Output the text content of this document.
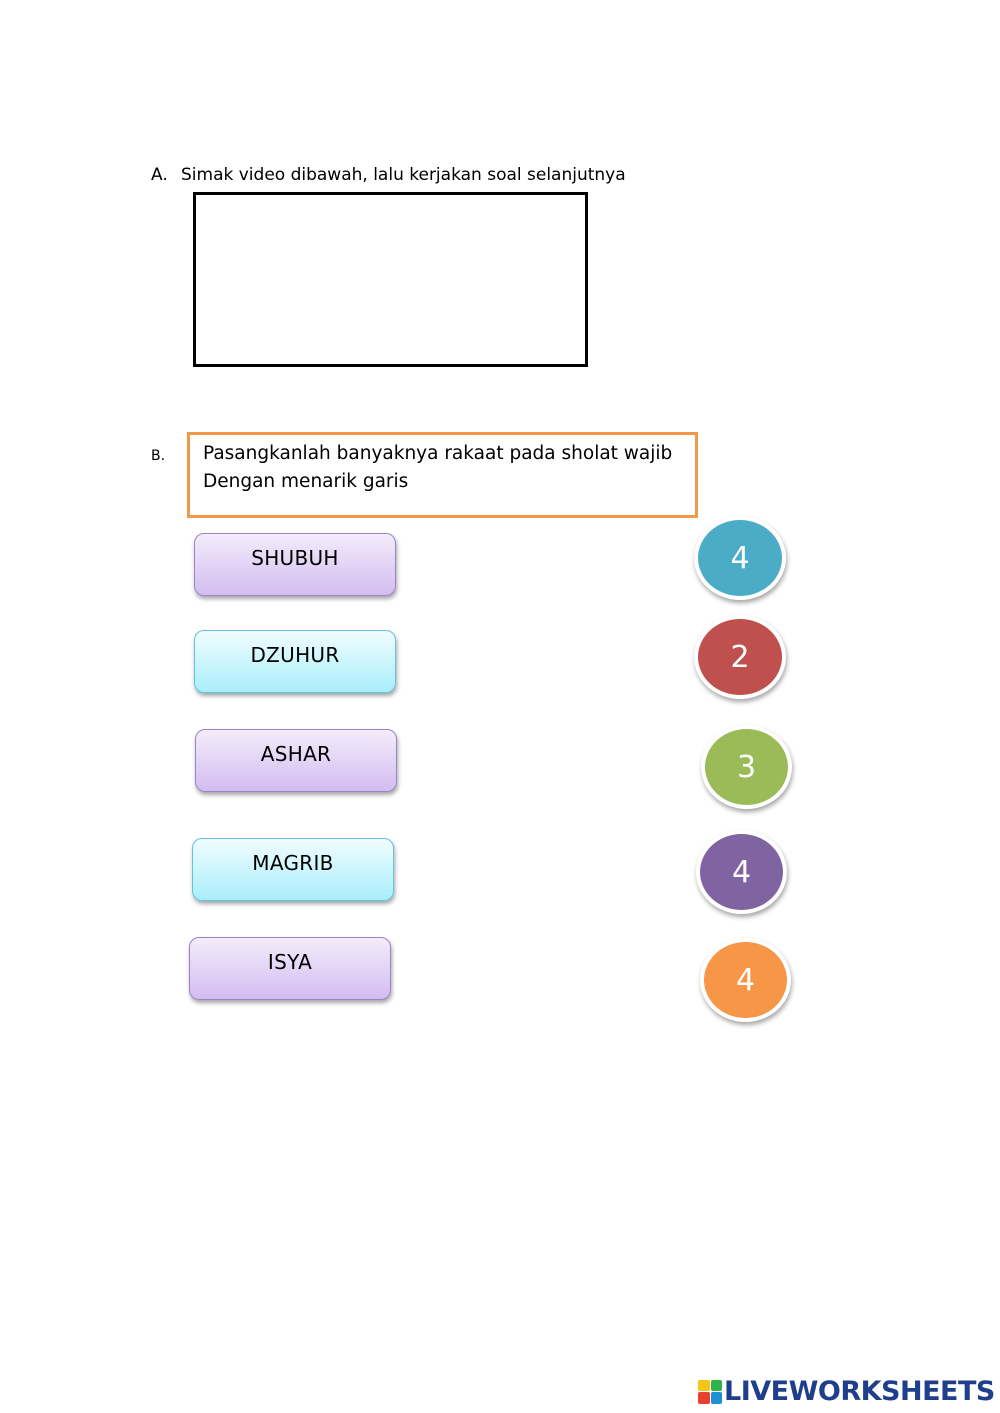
A. Simak video dibawah, lalu kerjakan soal selanjutnya
B. Pasangkanlah banyaknya rakaat pada sholat wajib
Dengan menarik garis
SHUBUH
DZUHUR
ASHAR
MAGRIB
ISYA
4
2
3
4
4
LIVEWORKSHEETS
